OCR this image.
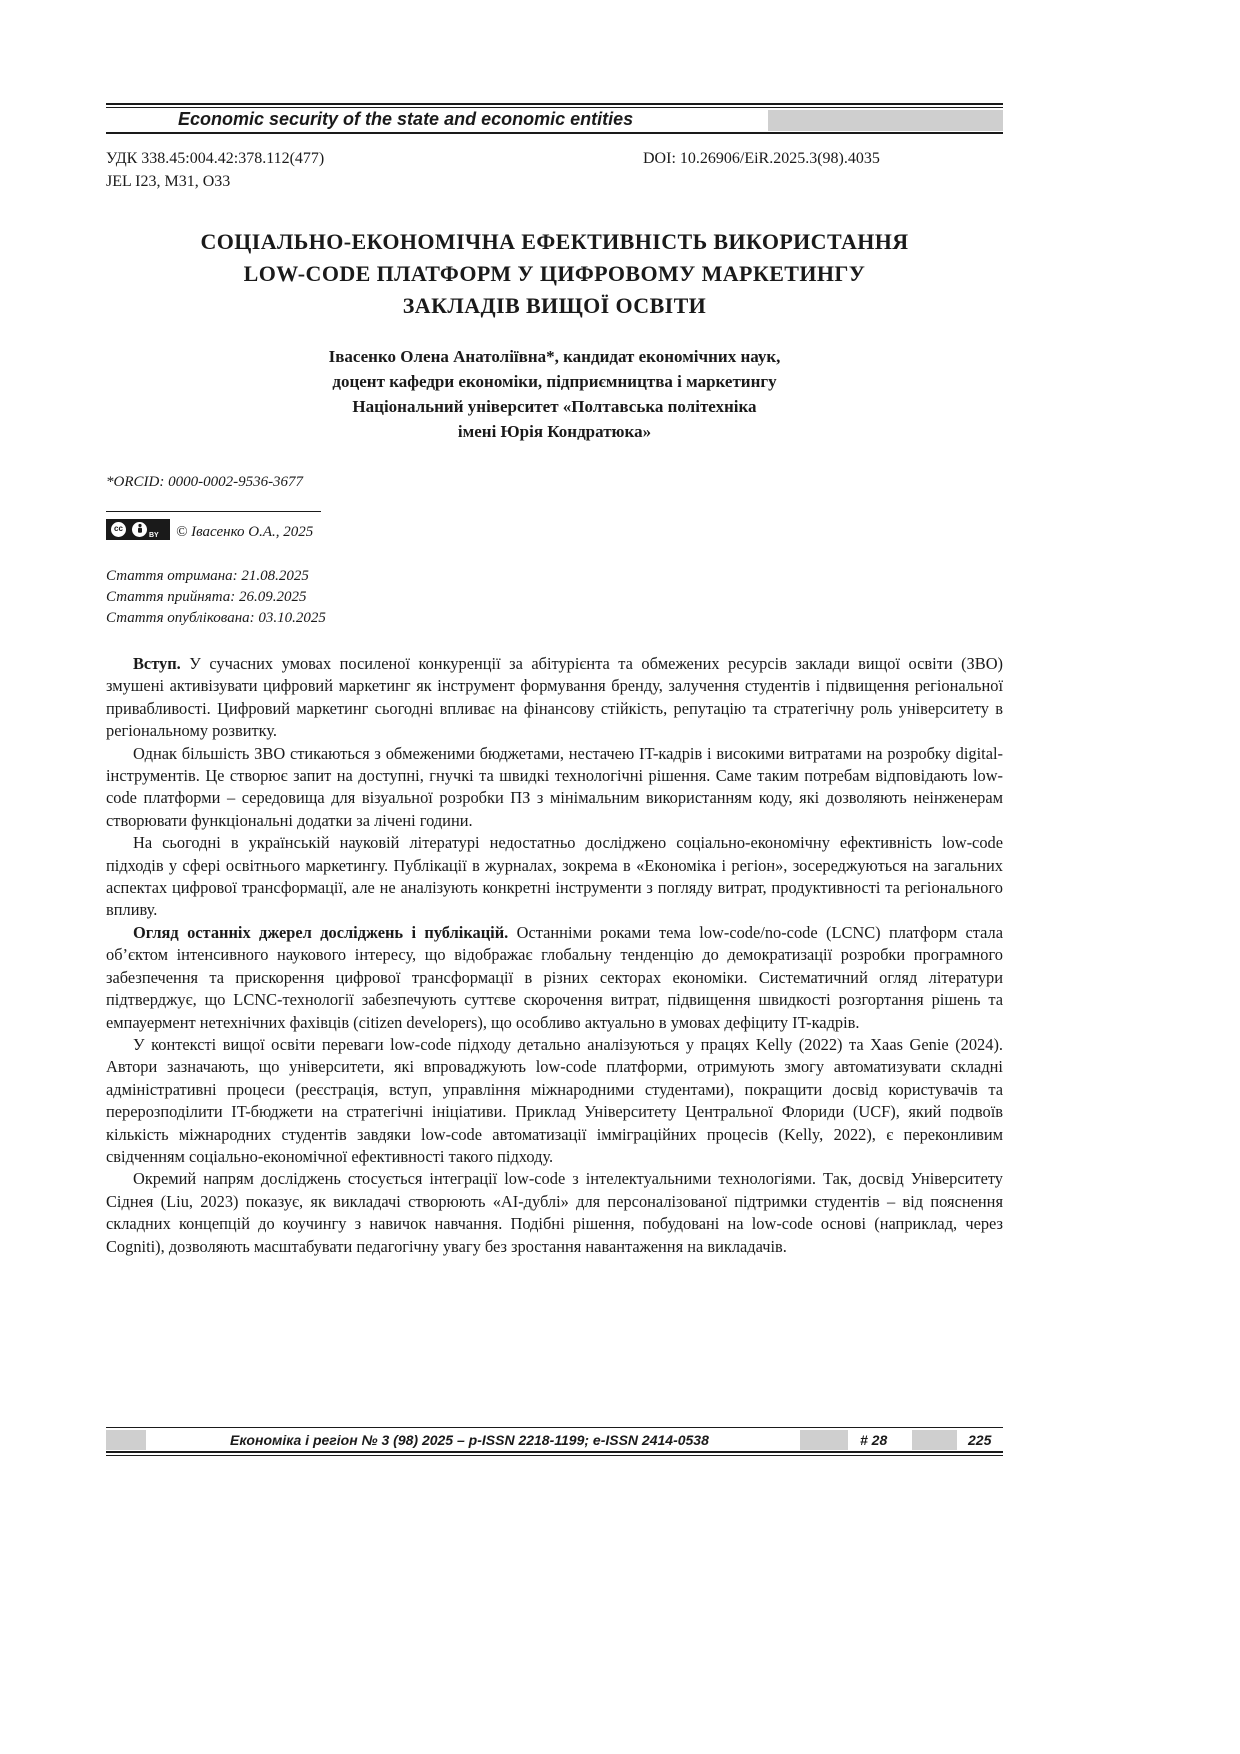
Economic security of the state and economic entities
УДК 338.45:004.42:378.112(477)
JEL I23, M31, O33
DOI: 10.26906/EiR.2025.3(98).4035
СОЦІАЛЬНО-ЕКОНОМІЧНА ЕФЕКТИВНІСТЬ ВИКОРИСТАННЯ
LOW-CODE ПЛАТФОРМ У ЦИФРОВОМУ МАРКЕТИНГУ
ЗАКЛАДІВ ВИЩОЇ ОСВІТИ
Івасенко Олена Анатоліївна*, кандидат економічних наук,
доцент кафедри економіки, підприємництва і маркетингу
Національний університет «Полтавська політехніка
імені Юрія Кондратюка»
*ORCID: 0000-0002-9536-3677
cc
BY © Івасенко О.А., 2025
Стаття отримана: 21.08.2025
Стаття прийнята: 26.09.2025
Стаття опублікована: 03.10.2025

Вступ. У сучасних умовах посиленої конкуренції за абітурієнта та обмежених ресурсів заклади вищої освіти (ЗВО) змушені активізувати цифровий маркетинг як інструмент формування бренду, залучення студентів і підвищення регіональної привабливості. Цифровий маркетинг сьогодні впливає на фінансову стійкість, репутацію та стратегічну роль університету в регіональному розвитку.

Однак більшість ЗВО стикаються з обмеженими бюджетами, нестачею IT-кадрів і високими витратами на розробку digital-інструментів. Це створює запит на доступні, гнучкі та швидкі технологічні рішення. Саме таким потребам відповідають low-code платформи – середовища для візуальної розробки ПЗ з мінімальним використанням коду, які дозволяють неінженерам створювати функціональні додатки за лічені години.

На сьогодні в українській науковій літературі недостатньо досліджено соціально-економічну ефективність low-code підходів у сфері освітнього маркетингу. Публікації в журналах, зокрема в «Економіка і регіон», зосереджуються на загальних аспектах цифрової трансформації, але не аналізують конкретні інструменти з погляду витрат, продуктивності та регіонального впливу.

Огляд останніх джерел досліджень і публікацій. Останніми роками тема low-code/no-code (LCNC) платформ стала об’єктом інтенсивного наукового інтересу, що відображає глобальну тенденцію до демократизації розробки програмного забезпечення та прискорення цифрової трансформації в різних секторах економіки. Систематичний огляд літератури підтверджує, що LCNC-технології забезпечують суттєве скорочення витрат, підвищення швидкості розгортання рішень та емпауермент нетехнічних фахівців (citizen developers), що особливо актуально в умовах дефіциту IT-кадрів.

У контексті вищої освіти переваги low-code підходу детально аналізуються у працях Kelly (2022) та Xaas Genie (2024). Автори зазначають, що університети, які впроваджують low-code платформи, отримують змогу автоматизувати складні адміністративні процеси (реєстрація, вступ, управління міжнародними студентами), покращити досвід користувачів та перерозподілити IT-бюджети на стратегічні ініціативи. Приклад Університету Центральної Флориди (UCF), який подвоїв кількість міжнародних студентів завдяки low-code автоматизації імміграційних процесів (Kelly, 2022), є переконливим свідченням соціально-економічної ефективності такого підходу.

Окремий напрям досліджень стосується інтеграції low-code з інтелектуальними технологіями. Так, досвід Університету Сіднея (Liu, 2023) показує, як викладачі створюють «AI-дублі» для персоналізованої підтримки студентів – від пояснення складних концепцій до коучингу з навичок навчання. Подібні рішення, побудовані на low-code основі (наприклад, через Cogniti), дозволяють масштабувати педагогічну увагу без зростання навантаження на викладачів.

Економіка і регіон № 3 (98) 2025 – p-ISSN 2218-1199; e-ISSN 2414-0538	# 28	225
